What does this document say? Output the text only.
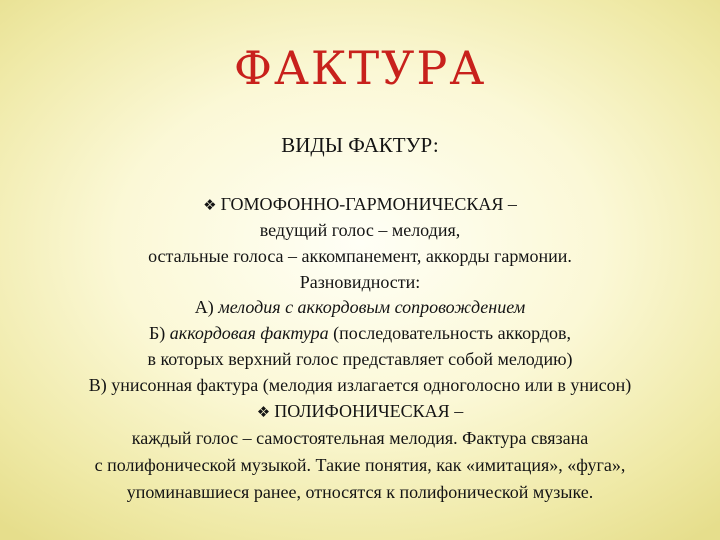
ФАКТУРА
ВИДЫ ФАКТУР:
❖ ГОМОФОННО-ГАРМОНИЧЕСКАЯ –
ведущий голос – мелодия,
остальные голоса – аккомпанемент, аккорды гармонии.
Разновидности:
А) мелодия с аккордовым сопровождением
Б) аккордовая фактура (последовательность аккордов,
в которых верхний голос представляет собой мелодию)
В) унисонная фактура (мелодия излагается одноголосно или в унисон)
❖ ПОЛИФОНИЧЕСКАЯ –
каждый голос – самостоятельная мелодия. Фактура связана
с полифонической музыкой. Такие понятия, как «имитация», «фуга»,
упоминавшиеся ранее, относятся к полифонической музыке.
